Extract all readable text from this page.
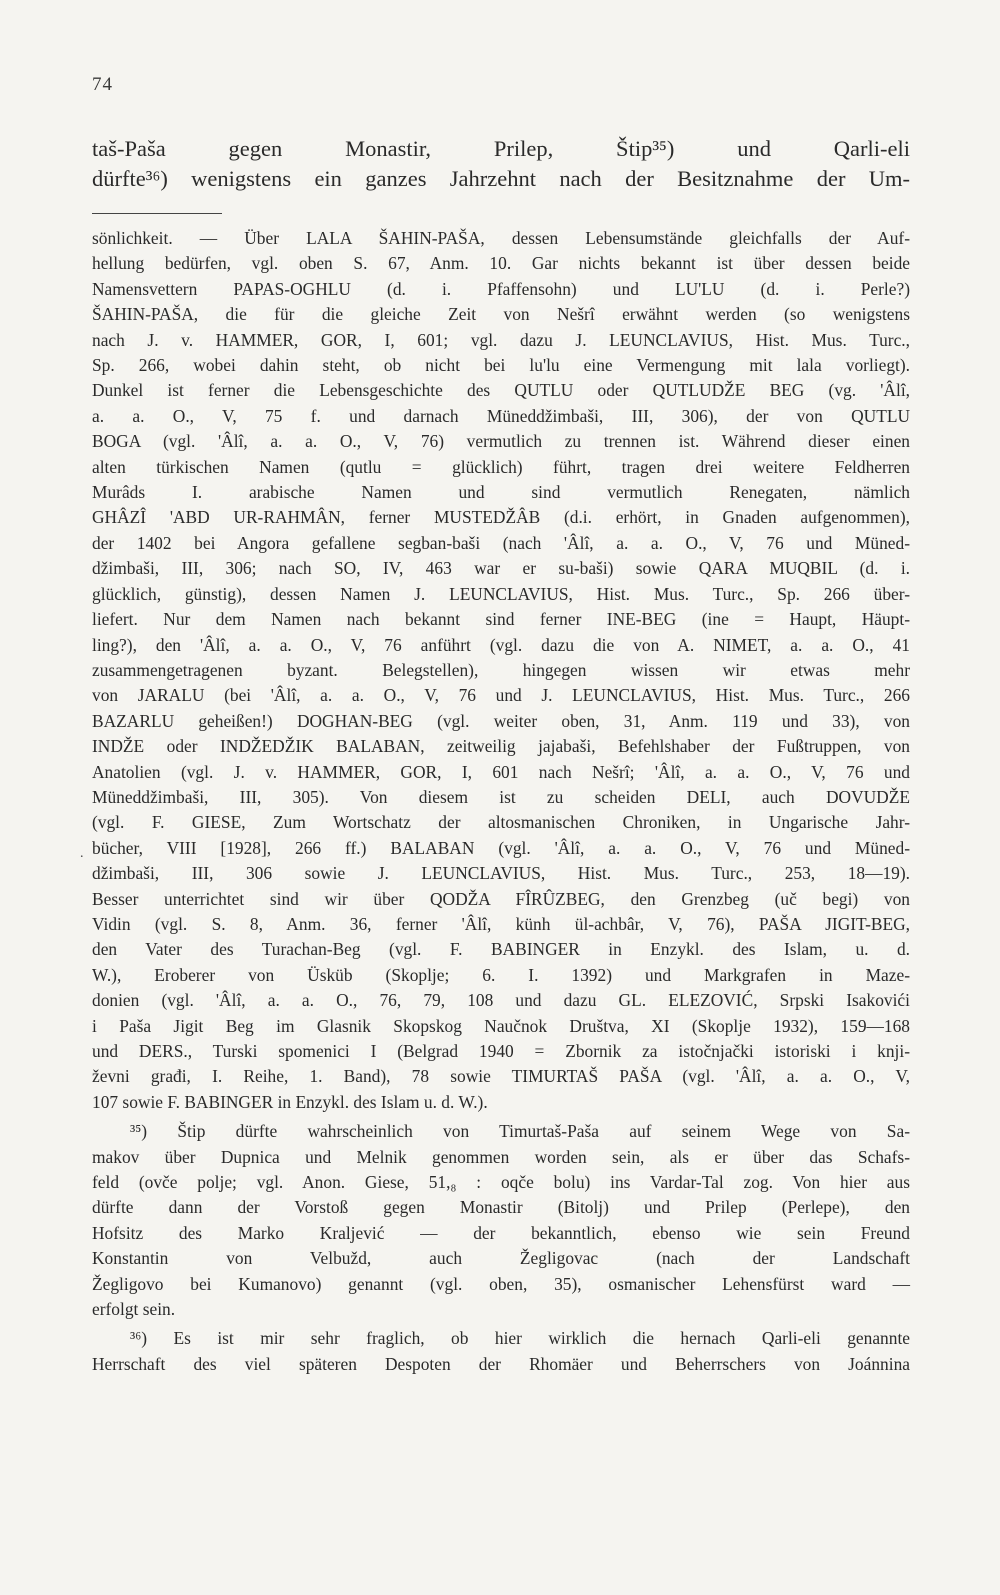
74
taš-Paša gegen Monastir, Prilep, Štip³⁵) und Qarli-eli
dürfte³⁶) wenigstens ein ganzes Jahrzehnt nach der Besitznahme der Um-
.
sönlichkeit. — Über LALA ŠAHIN-PAŠA, dessen Lebensumstände gleichfalls der Auf-
hellung bedürfen, vgl. oben S. 67, Anm. 10. Gar nichts bekannt ist über dessen beide
Namensvettern PAPAS-OGHLU (d. i. Pfaffensohn) und LU'LU (d. i. Perle?)
ŠAHIN-PAŠA, die für die gleiche Zeit von Nešrî erwähnt werden (so wenigstens
nach J. v. HAMMER, GOR, I, 601; vgl. dazu J. LEUNCLAVIUS, Hist. Mus. Turc.,
Sp. 266, wobei dahin steht, ob nicht bei lu'lu eine Vermengung mit lala vorliegt).
Dunkel ist ferner die Lebensgeschichte des QUTLU oder QUTLUDŽE BEG (vg. 'Âlî,
a. a. O., V, 75 f. und darnach Müneddžimbaši, III, 306), der von QUTLU
BOGA (vgl. 'Âlî, a. a. O., V, 76) vermutlich zu trennen ist. Während dieser einen
alten türkischen Namen (qutlu = glücklich) führt, tragen drei weitere Feldherren
Murâds I. arabische Namen und sind vermutlich Renegaten, nämlich
GHÂZÎ 'ABD UR-RAHMÂN, ferner MUSTEDŽÂB (d.i. erhört, in Gnaden aufgenommen),
der 1402 bei Angora gefallene segban-baši (nach 'Âlî, a. a. O., V, 76 und Müned-
džimbaši, III, 306; nach SO, IV, 463 war er su-baši) sowie QARA MUQBIL (d. i.
glücklich, günstig), dessen Namen J. LEUNCLAVIUS, Hist. Mus. Turc., Sp. 266 über-
liefert. Nur dem Namen nach bekannt sind ferner INE-BEG (ine = Haupt, Häupt-
ling?), den 'Âlî, a. a. O., V, 76 anführt (vgl. dazu die von A. NIMET, a. a. O., 41
zusammengetragenen byzant. Belegstellen), hingegen wissen wir etwas mehr
von JARALU (bei 'Âlî, a. a. O., V, 76 und J. LEUNCLAVIUS, Hist. Mus. Turc., 266
BAZARLU geheißen!) DOGHAN-BEG (vgl. weiter oben, 31, Anm. 119 und 33), von
INDŽE oder INDŽEDŽIK BALABAN, zeitweilig jajabaši, Befehlshaber der Fußtruppen, von
Anatolien (vgl. J. v. HAMMER, GOR, I, 601 nach Nešrî; 'Âlî, a. a. O., V, 76 und
Müneddžimbaši, III, 305). Von diesem ist zu scheiden DELI, auch DOVUDŽE
(vgl. F. GIESE, Zum Wortschatz der altosmanischen Chroniken, in Ungarische Jahr-
bücher, VIII [1928], 266 ff.) BALABAN (vgl. 'Âlî, a. a. O., V, 76 und Müned-
džimbaši, III, 306 sowie J. LEUNCLAVIUS, Hist. Mus. Turc., 253, 18—19).
Besser unterrichtet sind wir über QODŽA FÎRÛZBEG, den Grenzbeg (uč begi) von
Vidin (vgl. S. 8, Anm. 36, ferner 'Âlî, künh ül-achbâr, V, 76), PAŠA JIGIT-BEG,
den Vater des Turachan-Beg (vgl. F. BABINGER in Enzykl. des Islam, u. d.
W.), Eroberer von Üsküb (Skoplje; 6. I. 1392) und Markgrafen in Maze-
donien (vgl. 'Âlî, a. a. O., 76, 79, 108 und dazu GL. ELEZOVIĆ, Srpski Isakovići
i Paša Jigit Beg im Glasnik Skopskog Naučnok Društva, XI (Skoplje 1932), 159—168
und DERS., Turski spomenici I (Belgrad 1940 = Zbornik za istočnjački istoriski i knji-
ževni građi, I. Reihe, 1. Band), 78 sowie TIMURTAŠ PAŠA (vgl. 'Âlî, a. a. O., V,
107 sowie F. BABINGER in Enzykl. des Islam u. d. W.).
³⁵) Štip dürfte wahrscheinlich von Timurtaš-Paša auf seinem Wege von Sa-
makov über Dupnica und Melnik genommen worden sein, als er über das Schafs-
feld (ovče polje; vgl. Anon. Giese, 51,₈ : oqče bolu) ins Vardar-Tal zog. Von hier aus
dürfte dann der Vorstoß gegen Monastir (Bitolj) und Prilep (Perlepe), den
Hofsitz des Marko Kraljević — der bekanntlich, ebenso wie sein Freund
Konstantin von Velbužd, auch Žegligovac (nach der Landschaft
Žegligovo bei Kumanovo) genannt (vgl. oben, 35), osmanischer Lehensfürst ward —
erfolgt sein.
³⁶) Es ist mir sehr fraglich, ob hier wirklich die hernach Qarli-eli genannte
Herrschaft des viel späteren Despoten der Rhomäer und Beherrschers von Joánnina
